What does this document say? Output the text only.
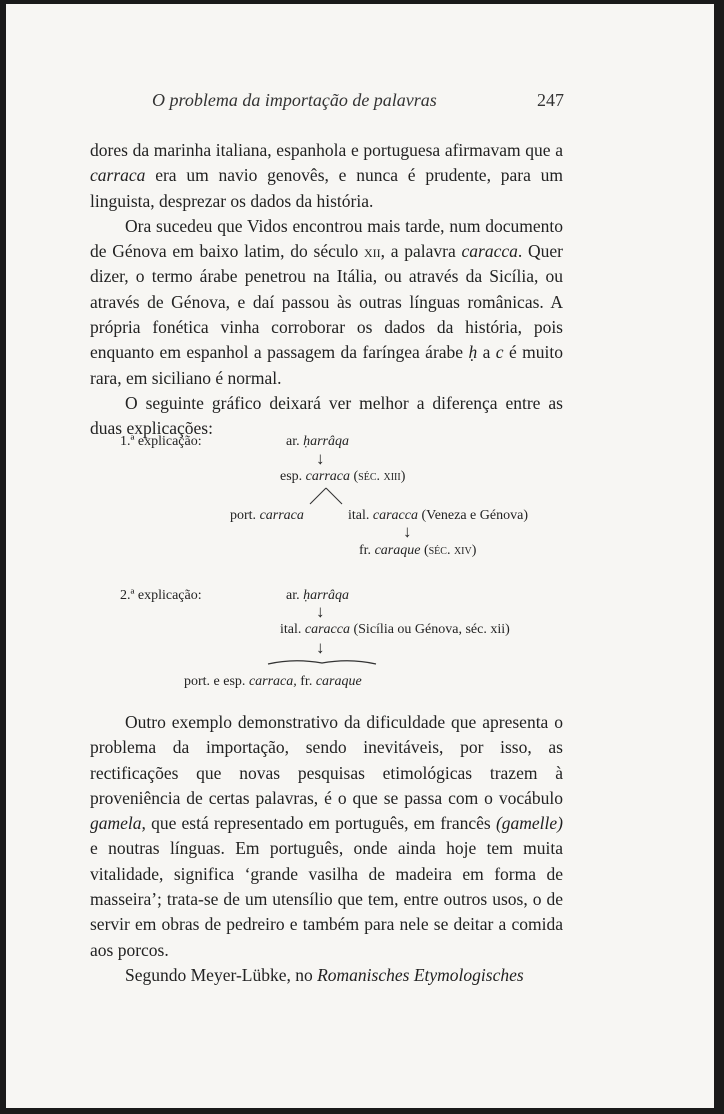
O problema da importação de palavras	247

dores da marinha italiana, espanhola e portuguesa afirmavam que a carraca era um navio genovês, e nunca é prudente, para um linguista, desprezar os dados da história.

Ora sucedeu que Vidos encontrou mais tarde, num documento de Génova em baixo latim, do século xii, a palavra caracca. Quer dizer, o termo árabe penetrou na Itália, ou através da Sicília, ou através de Génova, e daí passou às outras línguas românicas. A própria fonética vinha corroborar os dados da história, pois enquanto em espanhol a passagem da faríngea árabe ḥ a c é muito rara, em siciliano é normal.

O seguinte gráfico deixará ver melhor a diferença entre as duas explicações:

1.ª explicação:	ar. ḥarrâqa
↓
esp. carraca (séc. xiii)
port. carraca	ital. caracca (Veneza e Génova)
↓
fr. caraque (séc. xiv)
2.ª explicação:	ar. ḥarrâqa
↓
ital. caracca (Sicília ou Génova, séc. xii)
↓
port. e esp. carraca, fr. caraque

Outro exemplo demonstrativo da dificuldade que apresenta o problema da importação, sendo inevitáveis, por isso, as rectificações que novas pesquisas etimológicas trazem à proveniência de certas palavras, é o que se passa com o vocábulo gamela, que está representado em português, em francês (gamelle) e noutras línguas. Em português, onde ainda hoje tem muita vitalidade, significa ‘grande vasilha de madeira em forma de masseira’; trata-se de um utensílio que tem, entre outros usos, o de servir em obras de pedreiro e também para nele se deitar a comida aos porcos.

Segundo Meyer-Lübke, no Romanisches Etymologisches
